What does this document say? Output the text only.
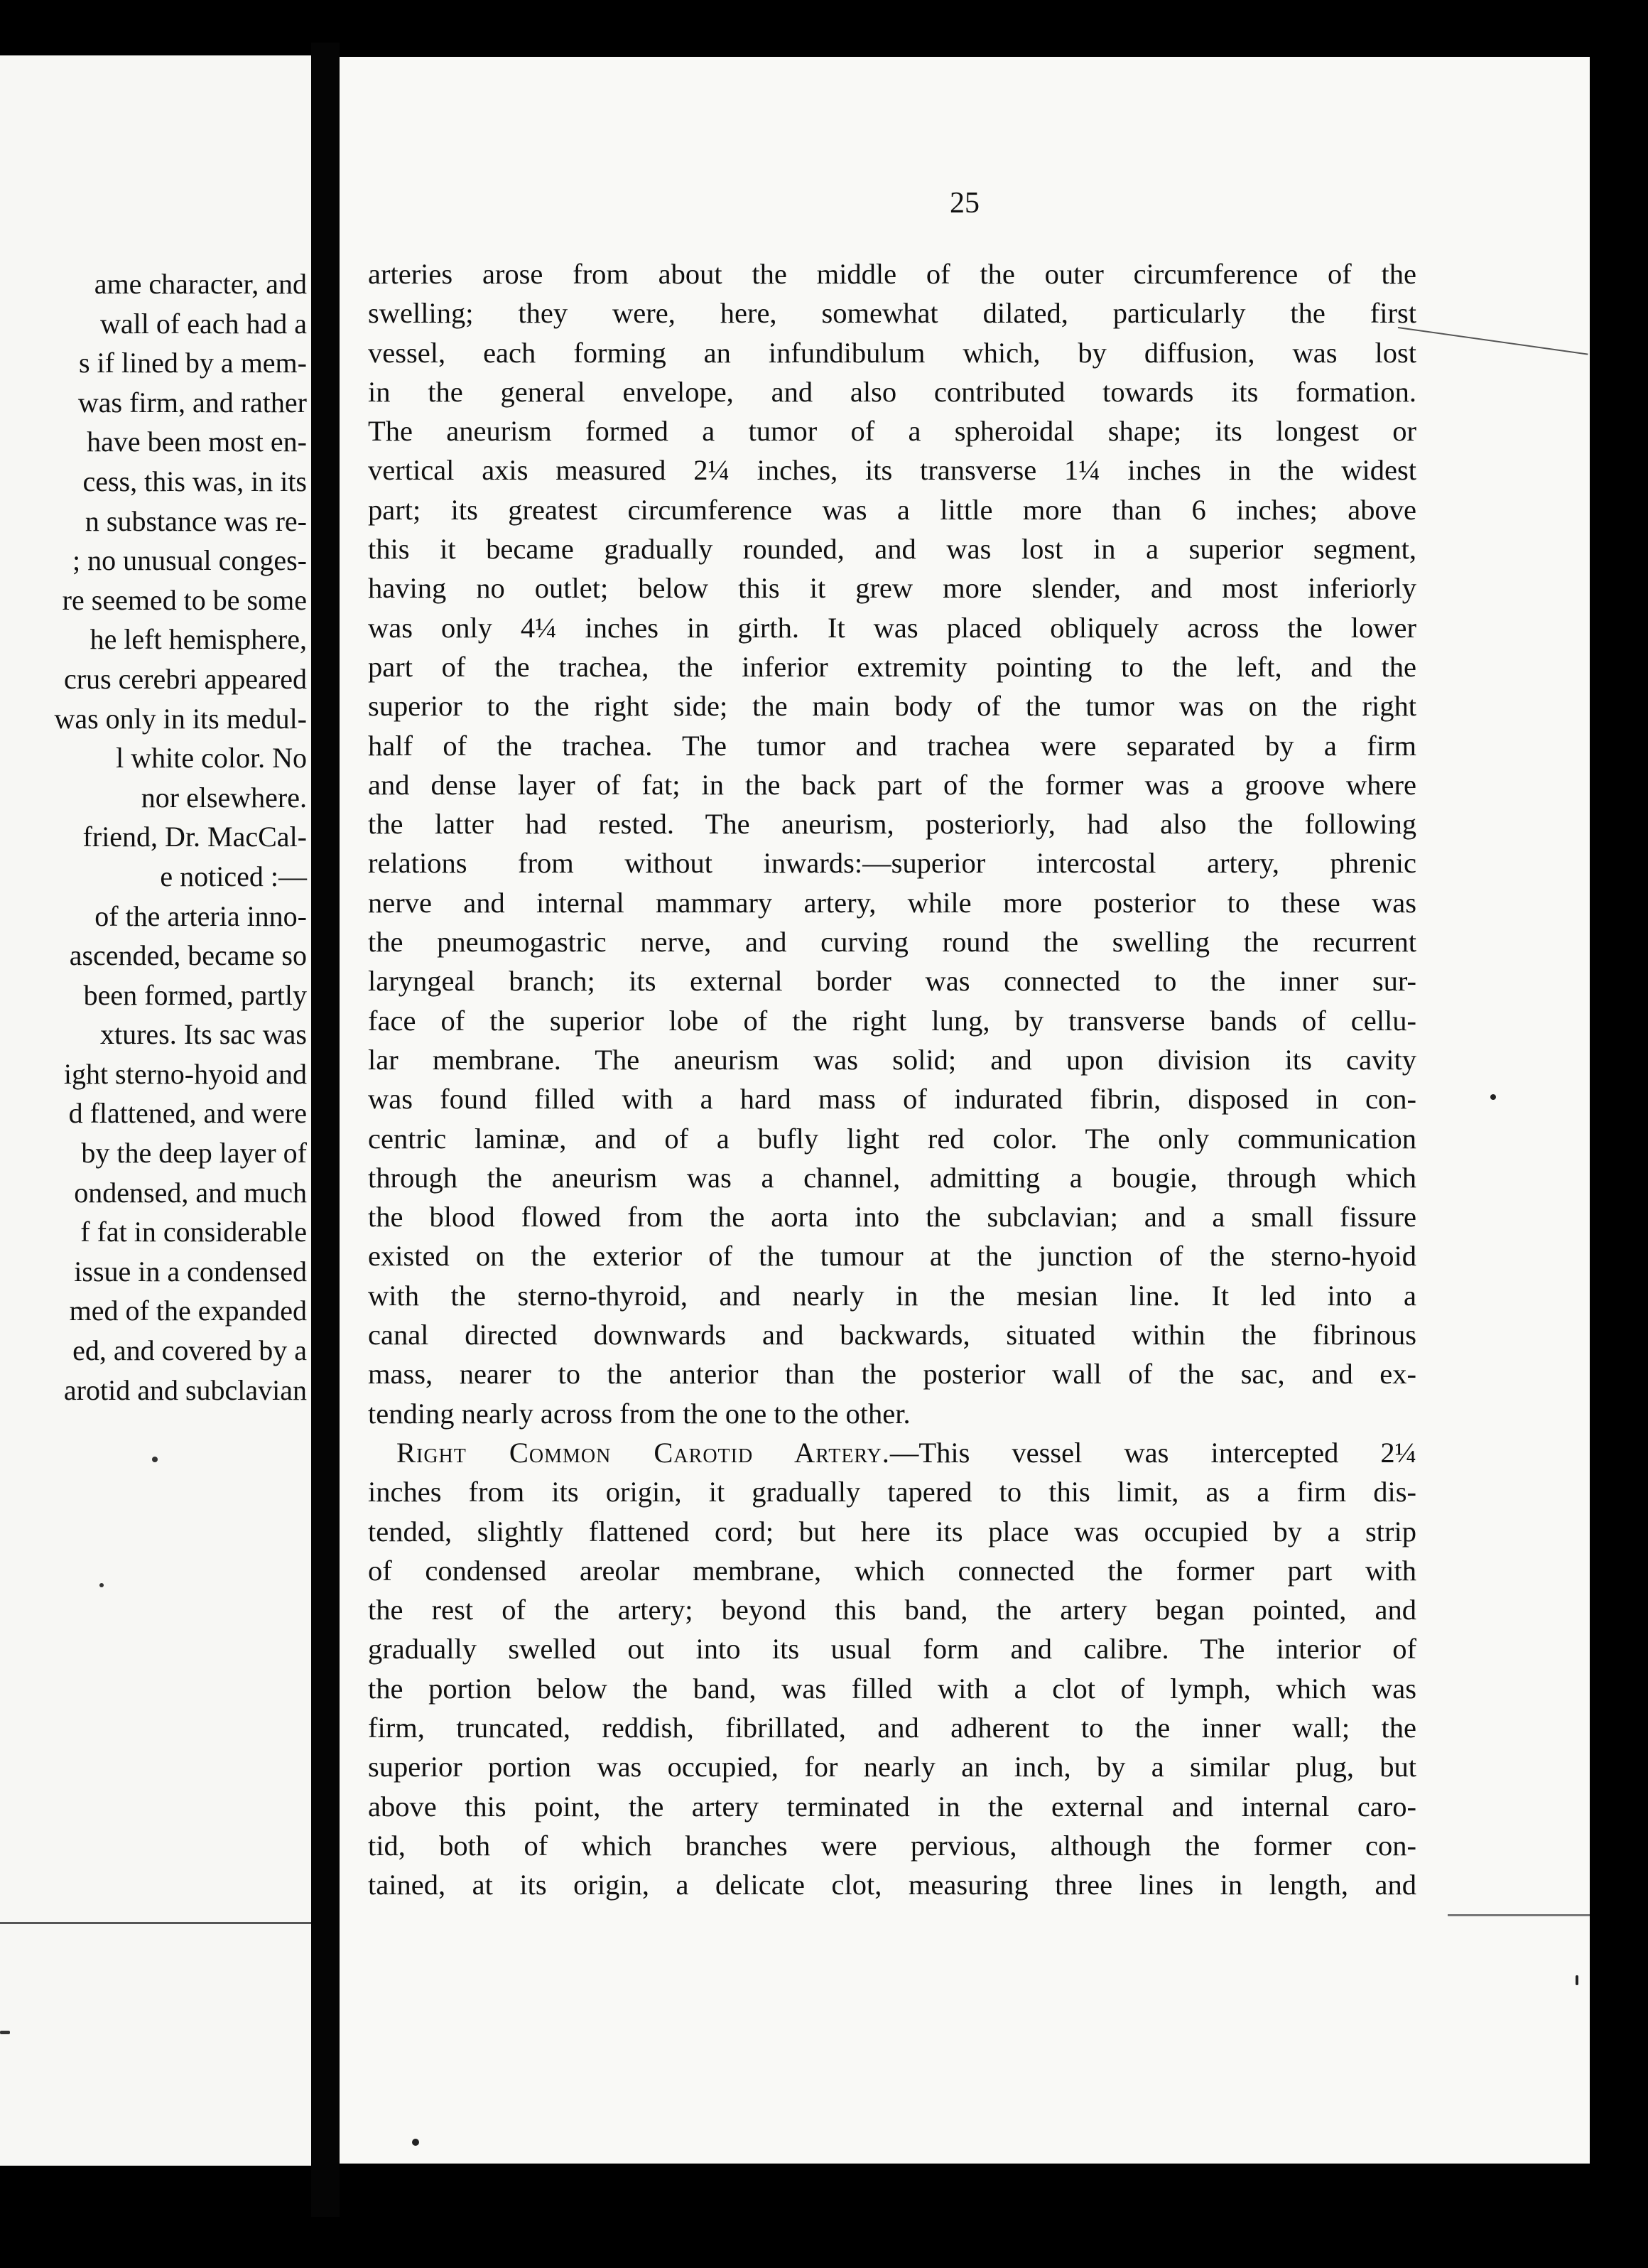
ame character, and
wall of each had a
s if lined by a mem-
was firm, and rather
have been most en-
cess, this was, in its
n substance was re-
; no unusual conges-
re seemed to be some
he left hemisphere,
crus cerebri appeared
was only in its medul-
l white color. No
nor elsewhere.
friend, Dr. MacCal-
e noticed :—
of the arteria inno-
ascended, became so
been formed, partly
xtures. Its sac was
ight sterno-hyoid and
d flattened, and were
by the deep layer of
ondensed, and much
f fat in considerable
issue in a condensed
med of the expanded
ed, and covered by a
arotid and subclavian
25
arteries arose from about the middle of the outer circumference of the
swelling; they were, here, somewhat dilated, particularly the first
vessel, each forming an infundibulum which, by diffusion, was lost
in the general envelope, and also contributed towards its formation.
The aneurism formed a tumor of a spheroidal shape; its longest or
vertical axis measured 2¼ inches, its transverse 1¼ inches in the widest
part; its greatest circumference was a little more than 6 inches; above
this it became gradually rounded, and was lost in a superior segment,
having no outlet; below this it grew more slender, and most inferiorly
was only 4¼ inches in girth. It was placed obliquely across the lower
part of the trachea, the inferior extremity pointing to the left, and the
superior to the right side; the main body of the tumor was on the right
half of the trachea. The tumor and trachea were separated by a firm
and dense layer of fat; in the back part of the former was a groove where
the latter had rested. The aneurism, posteriorly, had also the following
relations from without inwards:—superior intercostal artery, phrenic
nerve and internal mammary artery, while more posterior to these was
the pneumogastric nerve, and curving round the swelling the recurrent
laryngeal branch; its external border was connected to the inner sur-
face of the superior lobe of the right lung, by transverse bands of cellu-
lar membrane. The aneurism was solid; and upon division its cavity
was found filled with a hard mass of indurated fibrin, disposed in con-
centric laminæ, and of a bufly light red color. The only communication
through the aneurism was a channel, admitting a bougie, through which
the blood flowed from the aorta into the subclavian; and a small fissure
existed on the exterior of the tumour at the junction of the sterno-hyoid
with the sterno-thyroid, and nearly in the mesian line. It led into a
canal directed downwards and backwards, situated within the fibrinous
mass, nearer to the anterior than the posterior wall of the sac, and ex-
tending nearly across from the one to the other.
Right Common Carotid Artery.—This vessel was intercepted 2¼
inches from its origin, it gradually tapered to this limit, as a firm dis-
tended, slightly flattened cord; but here its place was occupied by a strip
of condensed areolar membrane, which connected the former part with
the rest of the artery; beyond this band, the artery began pointed, and
gradually swelled out into its usual form and calibre. The interior of
the portion below the band, was filled with a clot of lymph, which was
firm, truncated, reddish, fibrillated, and adherent to the inner wall; the
superior portion was occupied, for nearly an inch, by a similar plug, but
above this point, the artery terminated in the external and internal caro-
tid, both of which branches were pervious, although the former con-
tained, at its origin, a delicate clot, measuring three lines in length, and
